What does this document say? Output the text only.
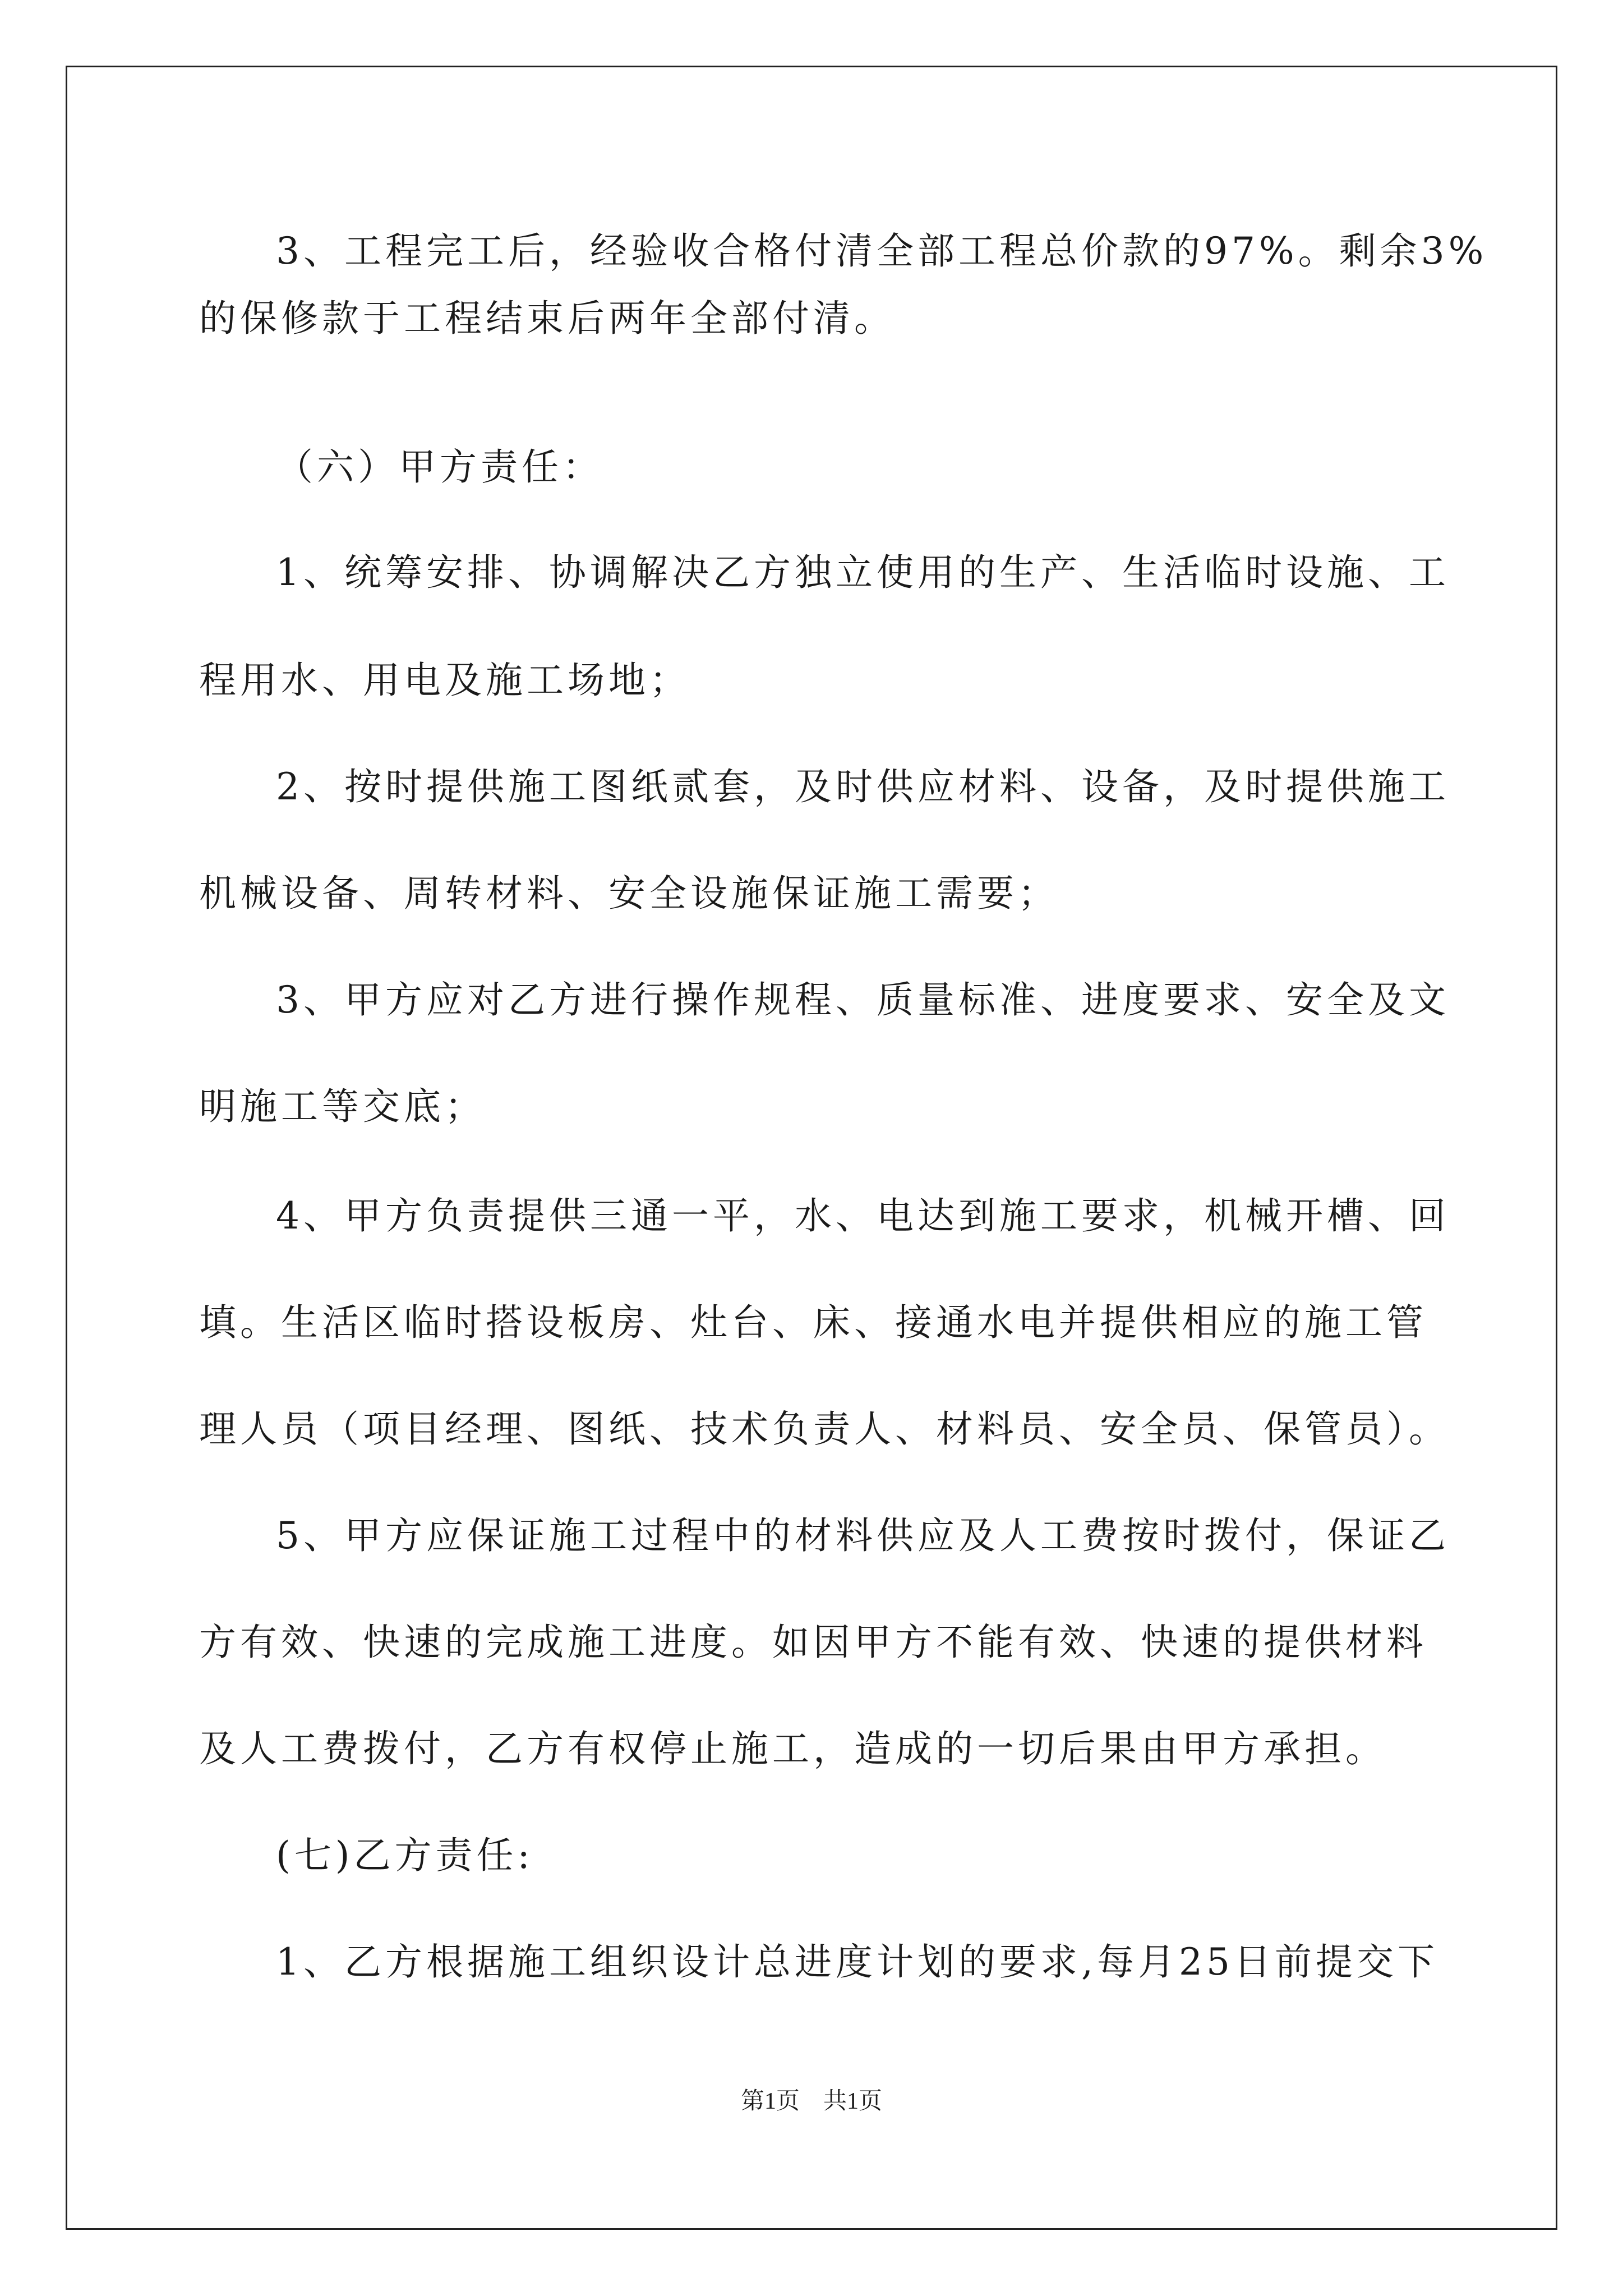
3、工程完工后，经验收合格付清全部工程总价款的97%。剩余3%
的保修款于工程结束后两年全部付清。
（六）甲方责任：
1、统筹安排、协调解决乙方独立使用的生产、生活临时设施、工
程用水、用电及施工场地；
2、按时提供施工图纸贰套，及时供应材料、设备，及时提供施工
机械设备、周转材料、安全设施保证施工需要；
3、甲方应对乙方进行操作规程、质量标准、进度要求、安全及文
明施工等交底；
4、甲方负责提供三通一平，水、电达到施工要求，机械开槽、回
填。生活区临时搭设板房、灶台、床、接通水电并提供相应的施工管
理人员（项目经理、图纸、技术负责人、材料员、安全员、保管员）。
5、甲方应保证施工过程中的材料供应及人工费按时拨付，保证乙
方有效、快速的完成施工进度。如因甲方不能有效、快速的提供材料
及人工费拨付，乙方有权停止施工，造成的一切后果由甲方承担。
(七)乙方责任:
1、乙方根据施工组织设计总进度计划的要求,每月25日前提交下
第1页　共1页
